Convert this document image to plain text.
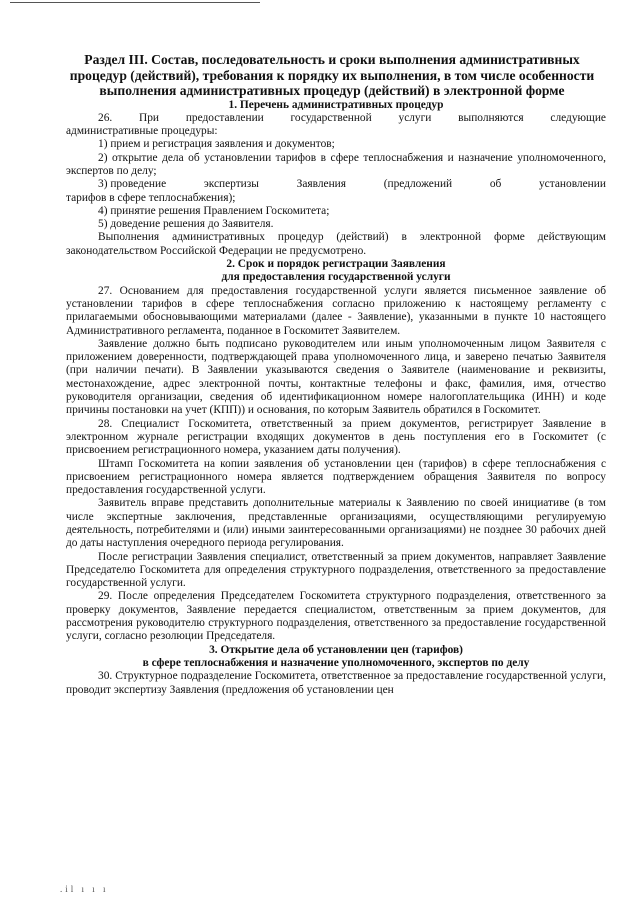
Раздел III. Состав, последовательность и сроки выполнения административных процедур (действий), требования к порядку их выполнения, в том числе особенности выполнения административных процедур (действий) в электронной форме

1. Перечень административных процедур

26. При предоставлении государственной услуги выполняются следующие

административные процедуры:

1) прием и регистрация заявления и документов;

2) открытие дела об установлении тарифов в сфере теплоснабжения и назначение уполномоченного, экспертов по делу;

3) проведение	экспертизы	Заявления	(предложений	об	установлении

тарифов в сфере теплоснабжения);

4) принятие решения Правлением Госкомитета;

5) доведение решения до Заявителя.

Выполнения административных процедур (действий) в электронной форме действующим законодательством Российской Федерации не предусмотрено.

2. Срок и порядок регистрации Заявления

для предоставления государственной услуги

27. Основанием для предоставления государственной услуги является письменное заявление об установлении тарифов в сфере теплоснабжения согласно приложению к настоящему регламенту с прилагаемыми обосновывающими материалами (далее - Заявление), указанными в пункте 10 настоящего Административного регламента, поданное в Госкомитет Заявителем.

Заявление должно быть подписано руководителем или иным уполномоченным лицом Заявителя с приложением доверенности, подтверждающей права уполномоченного лица, и заверено печатью Заявителя (при наличии печати). В Заявлении указываются сведения о Заявителе (наименование и реквизиты, местонахождение, адрес электронной почты, контактные телефоны и факс, фамилия, имя, отчество руководителя организации, сведения об идентификационном номере налогоплательщика (ИНН) и коде причины постановки на учет (КПП)) и основания, по которым Заявитель обратился в Госкомитет.

28. Специалист Госкомитета, ответственный за прием документов, регистрирует Заявление в электронном журнале регистрации входящих документов в день поступления его в Госкомитет (с присвоением регистрационного номера, указанием даты получения).

Штамп Госкомитета на копии заявления об установлении цен (тарифов) в сфере теплоснабжения с присвоением регистрационного номера является подтверждением обращения Заявителя по вопросу предоставления государственной услуги.

Заявитель вправе представить дополнительные материалы к Заявлению по своей инициативе (в том числе экспертные заключения, представленные организациями, осуществляющими регулируемую деятельность, потребителями и (или) иными заинтересованными организациями) не позднее 30 рабочих дней до даты наступления очередного периода регулирования.

После регистрации Заявления специалист, ответственный за прием документов, направляет Заявление Председателю Госкомитета для определения структурного подразделения, ответственного за предоставление государственной услуги.

29. После определения Председателем Госкомитета структурного подразделения, ответственного за проверку документов, Заявление передается специалистом, ответственным за прием документов, для рассмотрения руководителю структурного подразделения, ответственного за предоставление государственной услуги, согласно резолюции Председателя.

3. Открытие дела об установлении цен (тарифов)

в сфере теплоснабжения и назначение уполномоченного, экспертов по делу

30. Структурное подразделение Госкомитета, ответственное за предоставление государственной услуги, проводит экспертизу Заявления (предложения об установлении цен

.il ı ı ı
